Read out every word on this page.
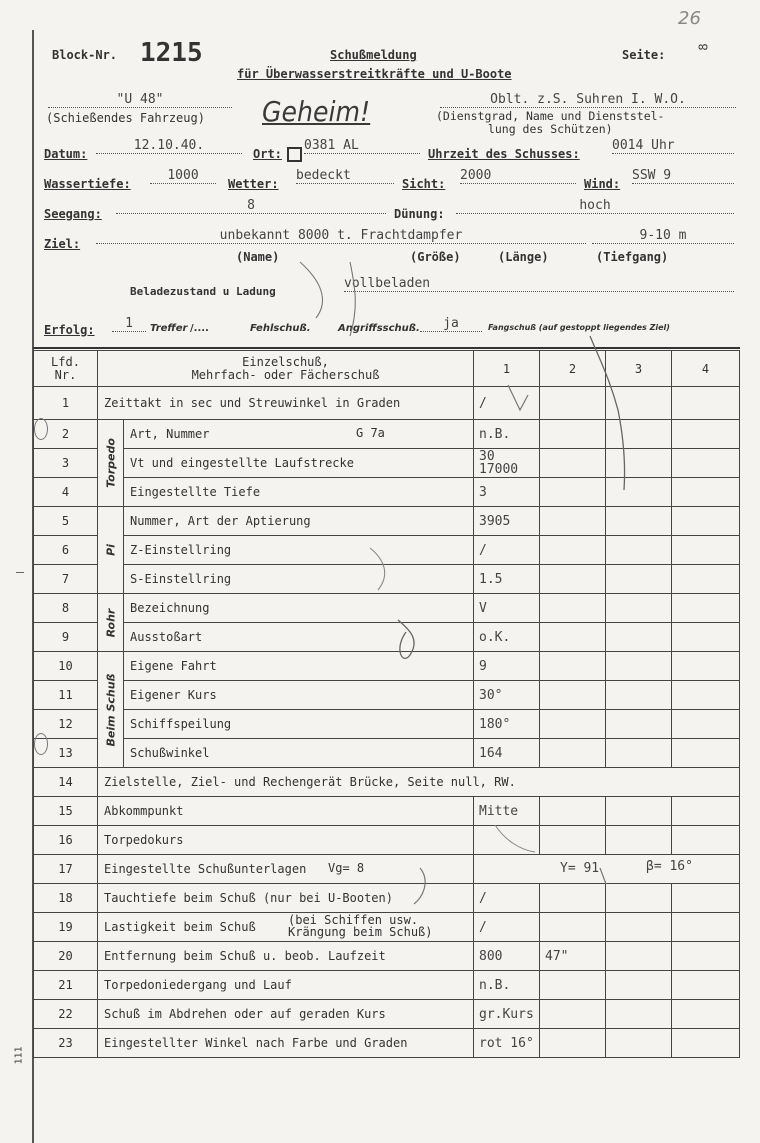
26
Block-Nr. 1215	Schußmeldung
für Überwasserstreitkräfte und U-Boote
Seite:
8
"U 48"
(Schießendes Fahrzeug) Geheim!	Oblt. z.S. Suhren I. W.O.
(Dienstgrad, Name und Dienststel-
lung des Schützen)
Datum:
12.10.40.
Ort:
0381 AL
Uhrzeit des Schusses:
0014 Uhr
Wassertiefe:
1000
Wetter:
bedeckt
Sicht:
2000
Wind:
SSW 9
Seegang:
8
Dünung:
hoch
Ziel:
unbekannt 8000 t. Frachtdampfer	9-10 m
(Name)	(Größe)	(Länge)	(Tiefgang)
Beladezustand u Ladung
vollbeladen
Erfolg:	1	Treffer /....	Fehlschuß.	Angriffsschuß.	ja	Fangschuß (auf gestoppt liegendes Ziel)
Lfd.
Nr.	Einzelschuß,
Mehrfach- oder Fächerschuß		1	2	3	4
1	Zeittakt in sec und Streuwinkel in Graden		/			
2	Torpedo	Art, Nummer G 7a	n.B.			
3		Vt und eingestellte Laufstrecke	30
17000			
4		Eingestellte Tiefe	3			
5	Pi	Nummer, Art der Aptierung	3905			
6		Z-Einstellring	/			
7		S-Einstellring	1.5			
8	Rohr	Bezeichnung	V			
9		Ausstoßart	o.K.			
10	Beim Schuß	Eigene Fahrt	9			
11		Eigener Kurs	30°			
12		Schiffspeilung	180°			
13		Schußwinkel	164			
14	Zielstelle, Ziel- und Rechengerät Brücke, Seite null, RW.					
15	Abkommpunkt		Mitte			
16	Torpedokurs					
17	Eingestellte Schußunterlagen Vg= 8		Y= 91 β= 16°			

18	Tauchtiefe beim Schuß (nur bei U-Booten)		/			
19	Lastigkeit beim Schuß (bei Schiffen usw.
Krängung beim Schuß)		/			
20	Entfernung beim Schuß u. beob. Laufzeit		800	47"		
21	Torpedoniedergang und Lauf		n.B.			
22	Schuß im Abdrehen oder auf geraden Kurs		gr.Kurs			
23	Eingestellter Winkel nach Farbe und Graden		rot 16°			
111
